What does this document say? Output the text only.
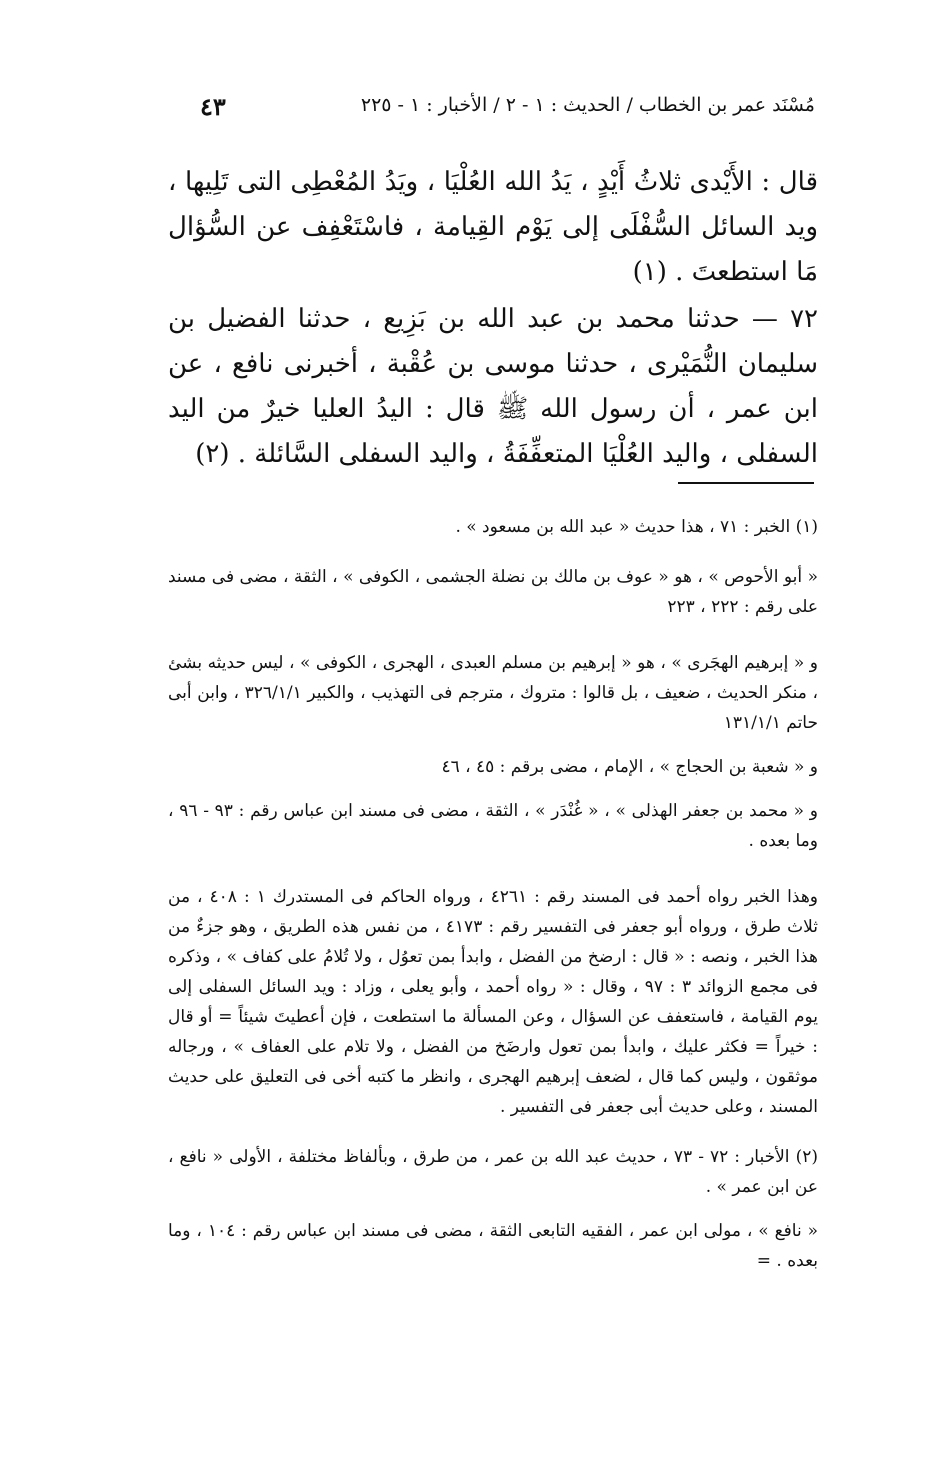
مُسْنَد عمر بن الخطاب / الحديث : ١ - ٢ / الأخبار : ١ - ٢٢٥
٤٣

قال : الأَيْدى ثلاثُ أَيْدٍ ، يَدُ الله العُلْيَا ، ويَدُ المُعْطِى التى تَلِيها ، ويد السائل السُّفْلَى إلى يَوْم القِيامة ، فاسْتَعْفِف عن السُّؤال مَا استطعتَ . (١)

٧٢ — حدثنا محمد بن عبد الله بن بَزِيع ، حدثنا الفضيل بن سليمان النُّمَيْرى ، حدثنا موسى بن عُقْبة ، أخبرنى نافع ، عن ابن عمر ، أن رسول الله ﷺ قال : اليدُ العليا خيرٌ من اليد السفلى ، واليد العُلْيَا المتعفِّفَةُ ، واليد السفلى السَّائلة . (٢)

(١) الخبر : ٧١ ، هذا حديث « عبد الله بن مسعود » .

« أبو الأحوص » ، هو « عوف بن مالك بن نضلة الجشمى ، الكوفى » ، الثقة ، مضى فى مسند على رقم : ٢٢٢ ، ٢٢٣

و « إبرهيم الهجَرى » ، هو « إبرهيم بن مسلم العبدى ، الهجرى ، الكوفى » ، ليس حديثه بشئ ، منكر الحديث ، ضعيف ، بل قالوا : متروك ، مترجم فى التهذيب ، والكبير ٣٢٦/١/١ ، وابن أبى حاتم ١٣١/١/١

و « شعبة بن الحجاج » ، الإمام ، مضى برقم : ٤٥ ، ٤٦

و « محمد بن جعفر الهذلى » ، « غُنْدَر » ، الثقة ، مضى فى مسند ابن عباس رقم : ٩٣ - ٩٦ ، وما بعده .

وهذا الخبر رواه أحمد فى المسند رقم : ٤٢٦١ ، ورواه الحاكم فى المستدرك ١ : ٤٠٨ ، من ثلاث طرق ، ورواه أبو جعفر فى التفسير رقم : ٤١٧٣ ، من نفس هذه الطريق ، وهو جزءٌ من هذا الخبر ، ونصه : « قال : ارضخ من الفضل ، وابدأ بمن تعوُل ، ولا تُلامُ على كفاف » ، وذكره فى مجمع الزوائد ٣ : ٩٧ ، وقال : « رواه أحمد ، وأبو يعلى ، وزاد : ويد السائل السفلى إلى يوم القيامة ، فاستعفف عن السؤال ، وعن المسألة ما استطعت ، فإن أعطيتَ شيئاً = أو قال : خيراً = فكثر عليك ، وابدأ بمن تعول وارضَخ من الفضل ، ولا تلام على العفاف » ، ورجاله موثقون ، وليس كما قال ، لضعف إبرهيم الهجرى ، وانظر ما كتبه أخى فى التعليق على حديث المسند ، وعلى حديث أبى جعفر فى التفسير .

(٢) الأخبار : ٧٢ - ٧٣ ، حديث عبد الله بن عمر ، من طرق ، وبألفاظ مختلفة ، الأولى « نافع ، عن ابن عمر » .

« نافع » ، مولى ابن عمر ، الفقيه التابعى الثقة ، مضى فى مسند ابن عباس رقم : ١٠٤ ، وما بعده . =
